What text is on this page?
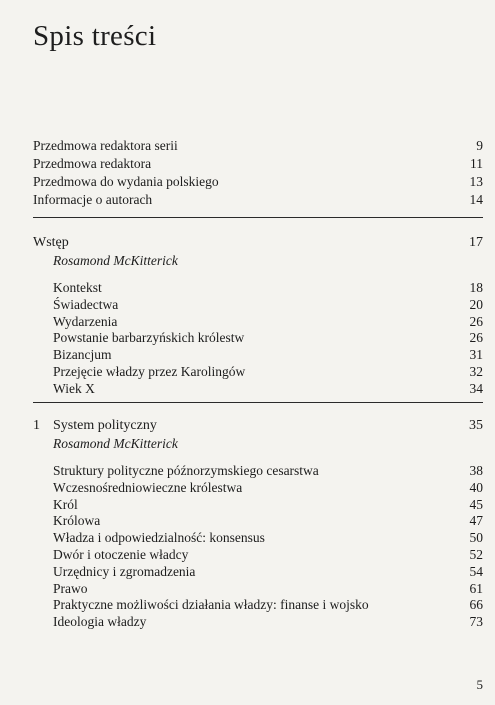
Spis treści
Przedmowa redaktora serii	9
Przedmowa redaktora	11
Przedmowa do wydania polskiego	13
Informacje o autorach	14
Wstęp	17
Rosamond McKitterick
Kontekst	18
Świadectwa	20
Wydarzenia	26
Powstanie barbarzyńskich królestw	26
Bizancjum	31
Przejęcie władzy przez Karolingów	32
Wiek X	34
1 System polityczny	35
Rosamond McKitterick
Struktury polityczne późnorzymskiego cesarstwa	38
Wczesnośredniowieczne królestwa	40
Król	45
Królowa	47
Władza i odpowiedzialność: konsensus	50
Dwór i otoczenie władcy	52
Urzędnicy i zgromadzenia	54
Prawo	61
Praktyczne możliwości działania władzy: finanse i wojsko	66
Ideologia władzy	73
5
